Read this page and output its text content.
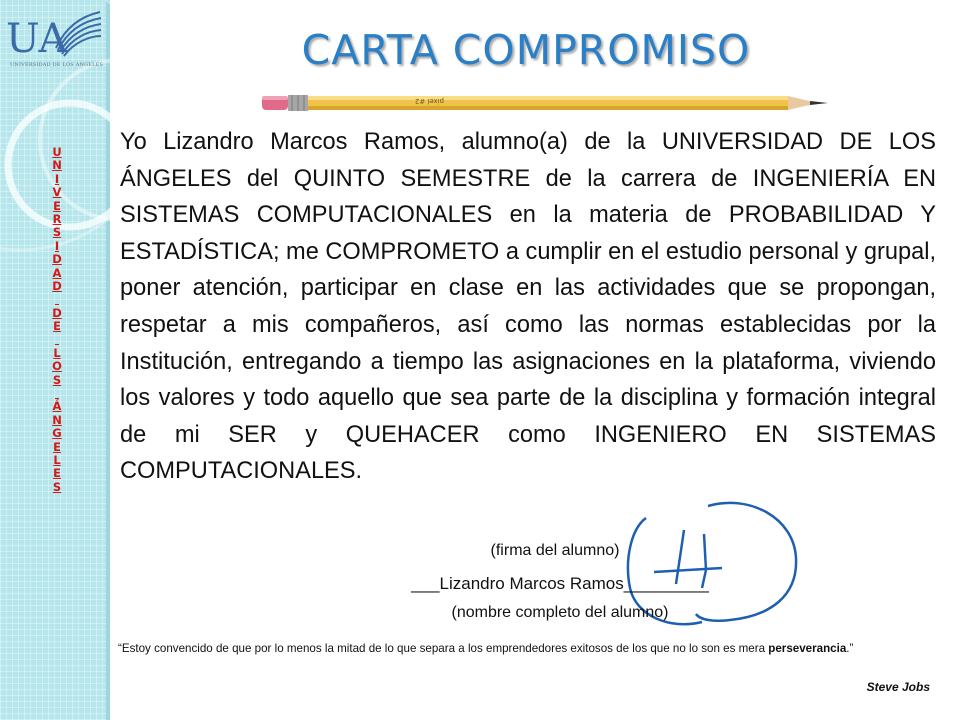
UA
UNIVERSIDAD DE LOS ÁNGELES
U
N
I
V
E
R
S
I
D
A
D

D
E

L
O
S

Á
N
G
E
L
E
S
CARTA COMPROMISO
pixel #2
Yo Lizandro Marcos Ramos, alumno(a) de la UNIVERSIDAD DE LOS ÁNGELES del QUINTO SEMESTRE de la carrera de INGENIERÍA EN SISTEMAS COMPUTACIONALES en la materia de PROBABILIDAD Y ESTADÍSTICA; me COMPROMETO a cumplir en el estudio personal y grupal, poner atención, participar en clase en las actividades que se propongan, respetar a mis compañeros, así como las normas establecidas por la Institución, entregando a tiempo las asignaciones en la plataforma, viviendo los valores y todo aquello que sea parte de la disciplina y formación integral de mi SER y QUEHACER como INGENIERO EN SISTEMAS COMPUTACIONALES.
(firma del alumno)
___Lizandro Marcos Ramos_________
(nombre completo del alumno)
“Estoy convencido de que por lo menos la mitad de lo que separa a los emprendedores exitosos de los que no lo son es mera perseverancia.”
Steve Jobs
